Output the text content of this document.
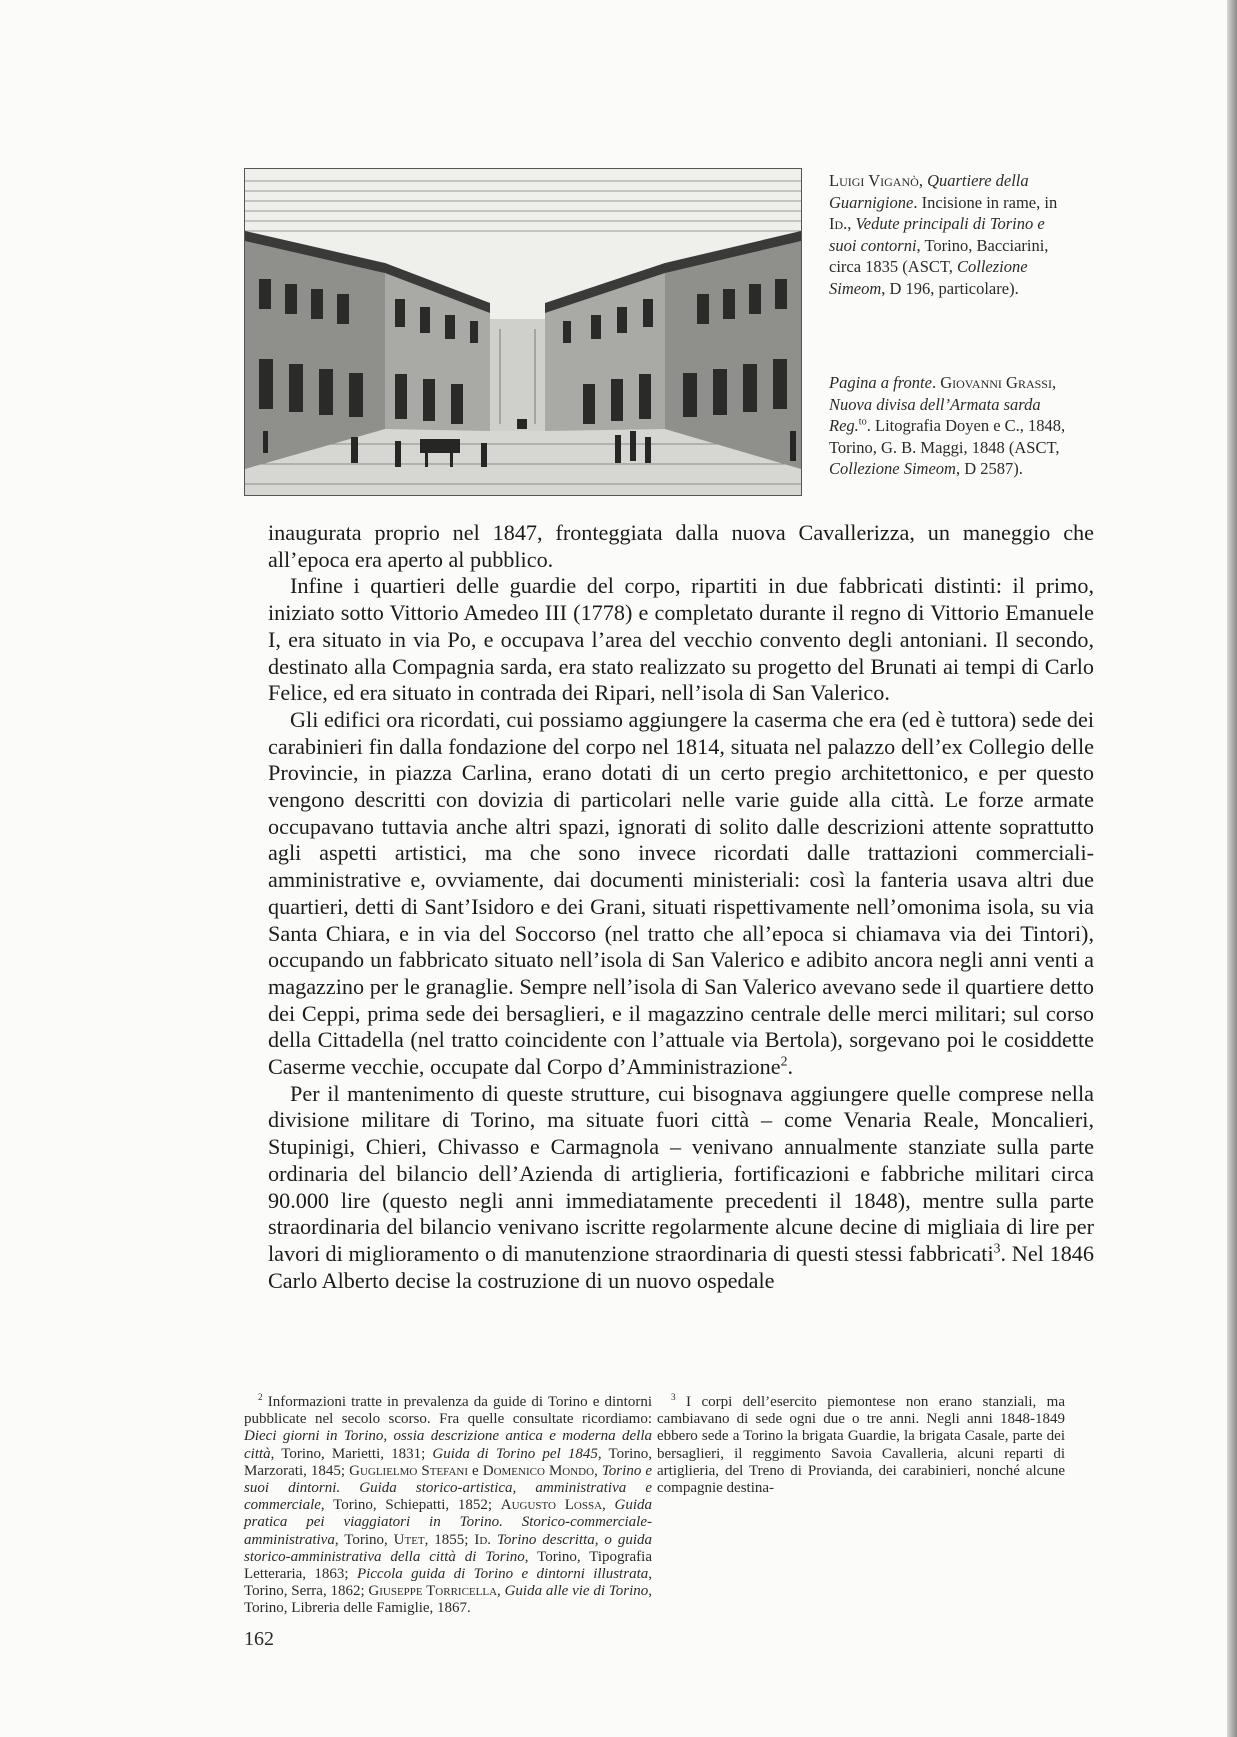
Luigi Viganò, Quartiere della Guarnigione. Incisione in rame, in Id., Vedute principali di Torino e suoi contorni, Torino, Bacciarini, circa 1835 (ASCT, Collezione Simeom, D 196, particolare).

Pagina a fronte. Giovanni Grassi, Nuova divisa dell’Armata sarda Reg.$^{to}$. Litografia Doyen e C., 1848, Torino, G. B. Maggi, 1848 (ASCT, Collezione Simeom, D 2587).

inaugurata proprio nel 1847, fronteggiata dalla nuova Cavallerizza, un maneggio che all’epoca era aperto al pubblico.

Infine i quartieri delle guardie del corpo, ripartiti in due fabbricati distinti: il primo, iniziato sotto Vittorio Amedeo III (1778) e completato durante il regno di Vittorio Emanuele I, era situato in via Po, e occupava l’area del vecchio convento degli antoniani. Il secondo, destinato alla Compagnia sarda, era stato realizzato su progetto del Brunati ai tempi di Carlo Felice, ed era situato in contrada dei Ripari, nell’isola di San Valerico.

Gli edifici ora ricordati, cui possiamo aggiungere la caserma che era (ed è tuttora) sede dei carabinieri fin dalla fondazione del corpo nel 1814, situata nel palazzo dell’ex Collegio delle Provincie, in piazza Carlina, erano dotati di un certo pregio architettonico, e per questo vengono descritti con dovizia di particolari nelle varie guide alla città. Le forze armate occupavano tuttavia anche altri spazi, ignorati di solito dalle descrizioni attente soprattutto agli aspetti artistici, ma che sono invece ricordati dalle trattazioni commerciali-amministrative e, ovviamente, dai documenti ministeriali: così la fanteria usava altri due quartieri, detti di Sant’Isidoro e dei Grani, situati rispettivamente nell’omonima isola, su via Santa Chiara, e in via del Soccorso (nel tratto che all’epoca si chiamava via dei Tintori), occupando un fabbricato situato nell’isola di San Valerico e adibito ancora negli anni venti a magazzino per le granaglie. Sempre nell’isola di San Valerico avevano sede il quartiere detto dei Ceppi, prima sede dei bersaglieri, e il magazzino centrale delle merci militari; sul corso della Cittadella (nel tratto coincidente con l’attuale via Bertola), sorgevano poi le cosiddette Caserme vecchie, occupate dal Corpo d’Amministrazione$^2$.

Per il mantenimento di queste strutture, cui bisognava aggiungere quelle comprese nella divisione militare di Torino, ma situate fuori città – come Venaria Reale, Moncalieri, Stupinigi, Chieri, Chivasso e Carmagnola – venivano annualmente stanziate sulla parte ordinaria del bilancio dell’Azienda di artiglieria, fortificazioni e fabbriche militari circa 90.000 lire (questo negli anni immediatamente precedenti il 1848), mentre sulla parte straordinaria del bilancio venivano iscritte regolarmente alcune decine di migliaia di lire per lavori di miglioramento o di manutenzione straordinaria di questi stessi fabbricati$^3$. Nel 1846 Carlo Alberto decise la costruzione di un nuovo ospedale

$^2$ Informazioni tratte in prevalenza da guide di Torino e dintorni pubblicate nel secolo scorso. Fra quelle consultate ricordiamo: Dieci giorni in Torino, ossia descrizione antica e moderna della città, Torino, Marietti, 1831; Guida di Torino pel 1845, Torino, Marzorati, 1845; Guglielmo Stefani e Domenico Mondo, Torino e suoi dintorni. Guida storico-artistica, amministrativa e commerciale, Torino, Schiepatti, 1852; Augusto Lossa, Guida pratica pei viaggiatori in Torino. Storico-commerciale-amministrativa, Torino, Utet, 1855; Id. Torino descritta, o guida storico-amministrativa della città di Torino, Torino, Tipografia Letteraria, 1863; Piccola guida di Torino e dintorni illustrata, Torino, Serra, 1862; Giuseppe Torricella, Guida alle vie di Torino, Torino, Libreria delle Famiglie, 1867.

$^3$ I corpi dell’esercito piemontese non erano stanziali, ma cambiavano di sede ogni due o tre anni. Negli anni 1848-1849 ebbero sede a Torino la brigata Guardie, la brigata Casale, parte dei bersaglieri, il reggimento Savoia Cavalleria, alcuni reparti di artiglieria, del Treno di Provianda, dei carabinieri, nonché alcune compagnie destina-

162
